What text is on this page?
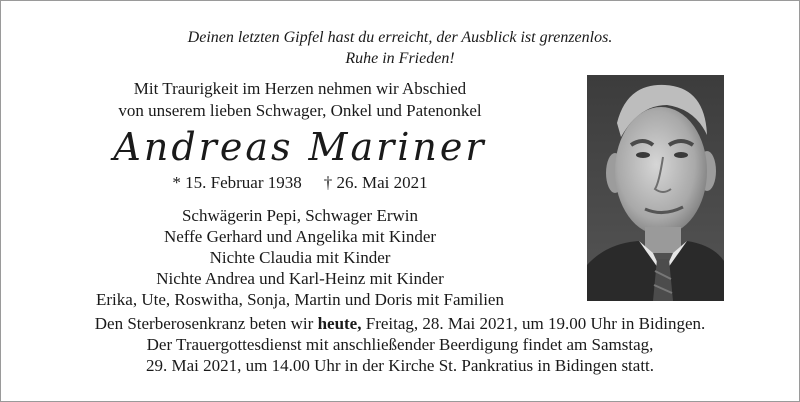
Deinen letzten Gipfel hast du erreicht, der Ausblick ist grenzenlos.
Ruhe in Frieden!
Mit Traurigkeit im Herzen nehmen wir Abschied
von unserem lieben Schwager, Onkel und Patenonkel
Andreas Mariner
* 15. Februar 1938 † 26. Mai 2021
Schwägerin Pepi, Schwager Erwin
Neffe Gerhard und Angelika mit Kinder
Nichte Claudia mit Kinder
Nichte Andrea und Karl-Heinz mit Kinder
Erika, Ute, Roswitha, Sonja, Martin und Doris mit Familien
Den Sterberosenkranz beten wir heute, Freitag, 28. Mai 2021, um 19.00 Uhr in Bidingen.
Der Trauergottesdienst mit anschließender Beerdigung findet am Samstag,
29. Mai 2021, um 14.00 Uhr in der Kirche St. Pankratius in Bidingen statt.
